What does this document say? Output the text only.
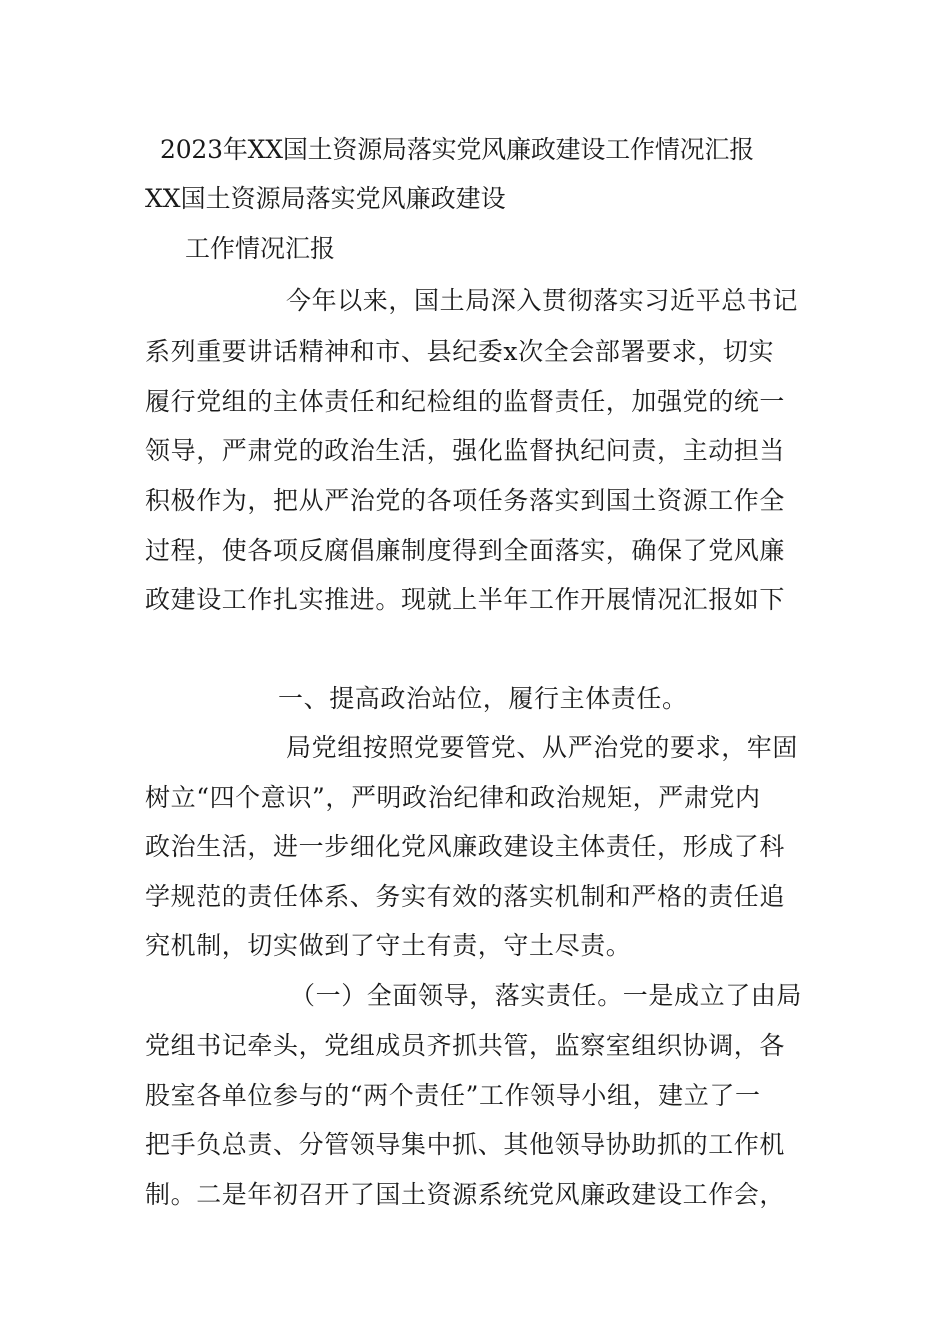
2023年XX国土资源局落实党风廉政建设工作情况汇报
XX国土资源局落实党风廉政建设
工作情况汇报
今年以来，国土局深入贯彻落实习近平总书记
系列重要讲话精神和市、县纪委x次全会部署要求，切实
履行党组的主体责任和纪检组的监督责任，加强党的统一
领导，严肃党的政治生活，强化监督执纪问责，主动担当
积极作为，把从严治党的各项任务落实到国土资源工作全
过程，使各项反腐倡廉制度得到全面落实，确保了党风廉
政建设工作扎实推进。现就上半年工作开展情况汇报如下
一、提高政治站位，履行主体责任。
局党组按照党要管党、从严治党的要求，牢固
树立“四个意识”，严明政治纪律和政治规矩，严肃党内
政治生活，进一步细化党风廉政建设主体责任，形成了科
学规范的责任体系、务实有效的落实机制和严格的责任追
究机制，切实做到了守土有责，守土尽责。
（一）全面领导，落实责任。一是成立了由局
党组书记牵头，党组成员齐抓共管，监察室组织协调，各
股室各单位参与的“两个责任”工作领导小组，建立了一
把手负总责、分管领导集中抓、其他领导协助抓的工作机
制。二是年初召开了国土资源系统党风廉政建设工作会，
